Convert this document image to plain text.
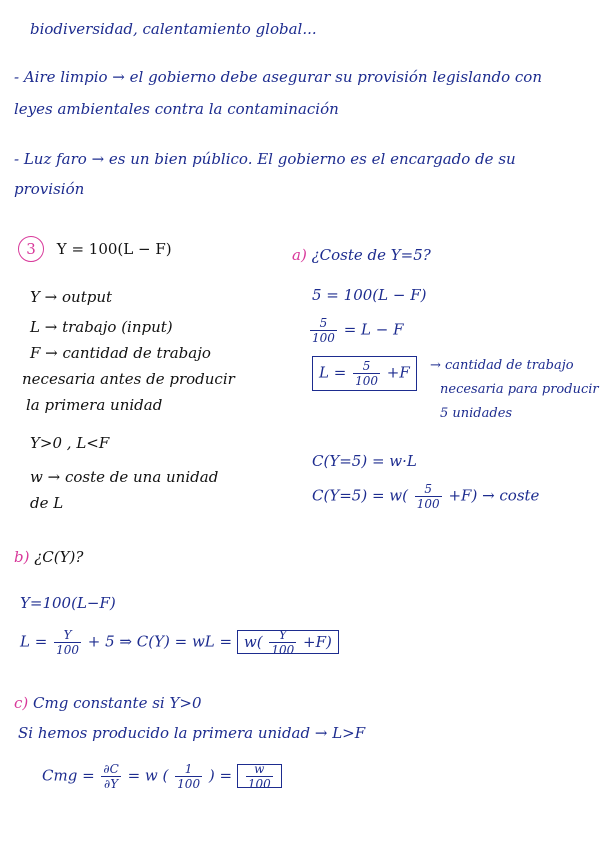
biodiversidad, calentamiento global...
- Aire limpio → el gobierno debe asegurar su provisión legislando con
leyes ambientales contra la contaminación
- Luz faro → es un bien público. El gobierno es el encargado de su
provisión
3 Y = 100(L − F)
Y → output
L → trabajo (input)
F → cantidad de trabajo
necesaria antes de producir
la primera unidad
Y>0 , L<F
w → coste de una unidad
de L
a) ¿Coste de Y=5?
5 = 100(L − F)
$\frac{5}{100} = L - F$
$L = \frac{5}{100} +F$	→ cantidad de trabajo
necesaria para producir
5 unidades
C(Y=5) = w·L
$C(Y=5) = w( \frac{5}{100} +F)$ → coste
b) ¿C(Y)?
Y=100(L−F)
$L = \frac{Y}{100} + 5$ ⇒ C(Y) = wL = $w( \frac{Y}{100} +F)$
c) Cmg constante si Y>0
Si hemos producido la primera unidad → L>F
Cmg = $\frac{\partial C}{\partial Y} = w$ ( $\frac{1}{100}$ ) = $\frac{w}{100}$
